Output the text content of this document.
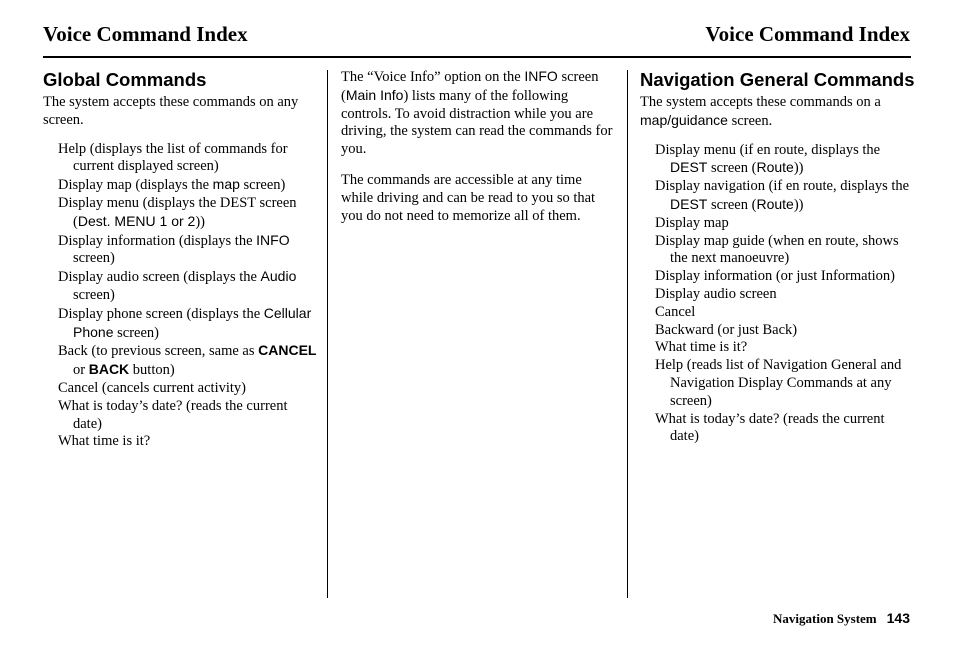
Voice Command Index	Voice Command Index
Global Commands

The system accepts these commands on any screen.

Help (displays the list of commands for current displayed screen)
Display map (displays the map screen)
Display menu (displays the DEST screen (Dest. MENU 1 or 2))
Display information (displays the INFO screen)
Display audio screen (displays the Audio screen)
Display phone screen (displays the Cellular Phone screen)
Back (to previous screen, same as CANCEL or BACK button)
Cancel (cancels current activity)
What is today’s date? (reads the current date)
What time is it?

The “Voice Info” option on the INFO screen (Main Info) lists many of the following controls. To avoid distraction while you are driving, the system can read the commands for you.

The commands are accessible at any time while driving and can be read to you so that you do not need to memorize all of them.

Navigation General Commands

The system accepts these commands on a map/guidance screen.

Display menu (if en route, displays the DEST screen (Route))
Display navigation (if en route, displays the DEST screen (Route))
Display map
Display map guide (when en route, shows the next manoeuvre)
Display information (or just Information)
Display audio screen
Cancel
Backward (or just Back)
What time is it?
Help (reads list of Navigation General and Navigation Display Commands at any screen)
What is today’s date? (reads the current date)
Navigation System 143
